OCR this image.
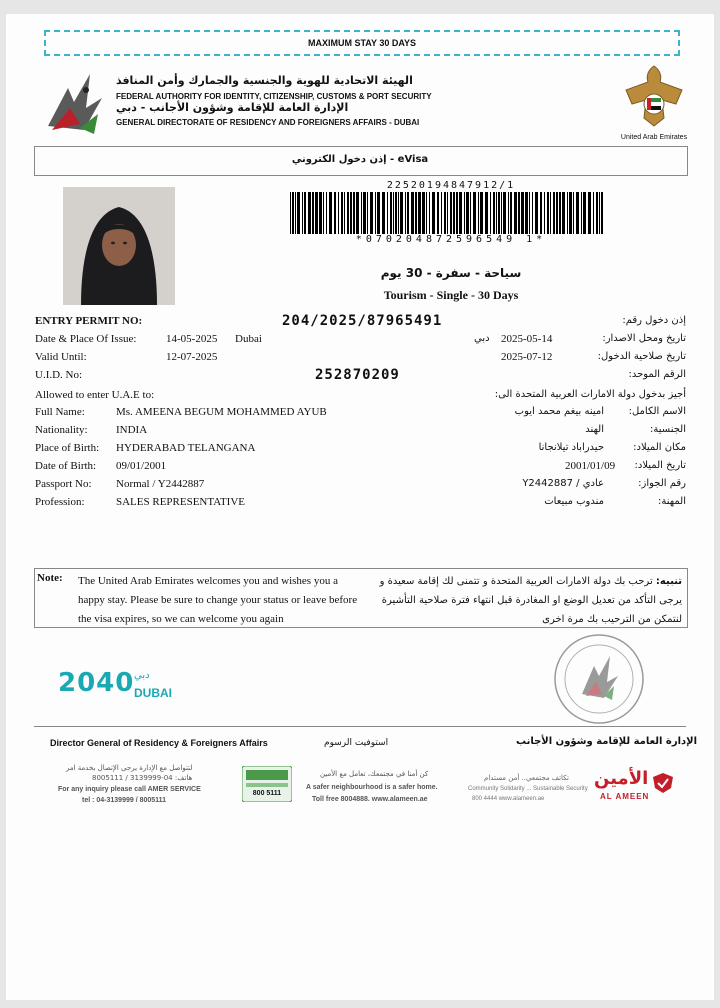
MAXIMUM STAY 30 DAYS
الهيئة الاتحادية للهوية والجنسية والجمارك وأمن المنافذ
FEDERAL AUTHORITY FOR IDENTITY, CITIZENSHIP, CUSTOMS & PORT SECURITY
الإدارة العامة للإقامة وشؤون الأجانب - دبي
GENERAL DIRECTORATE OF RESIDENCY AND FOREIGNERS AFFAIRS - DUBAI
United Arab Emirates
إذن دخول الكتروني - eVisa
22520194847912/1
*070204872596549 1*
سياحة - سفرة - 30 يوم
Tourism - Single - 30 Days
ENTRY PERMIT NO:	204/2025/87965491	إذن دخول رقم:
Date & Place Of Issue:	14-05-2025 Dubai	دبي 2025-05-14	تاريخ ومحل الاصدار:
Valid Until:	12-07-2025	2025-07-12	تاريخ صلاحية الدخول:
U.I.D. No:	252870209	الرقم الموحد:
Allowed to enter U.A.E to:	أجيز بدخول دولة الامارات العربية المتحدة الى:
Full Name:	Ms. AMEENA BEGUM MOHAMMED AYUB	امينه بيغم محمد ايوب الاسم الكامل:
Nationality:	INDIA	الهند	الجنسية:
Place of Birth: HYDERABAD TELANGANA	حيدراباد تيلانجانا	مكان الميلاد:
Date of Birth: 09/01/2001	2001/01/09 تاريخ الميلاد:
Passport No: Normal / Y2442887	عادي / Y2442887	رقم الجواز:
Profession:	SALES REPRESENTATIVE	مندوب مبيعات	المهنة:
Note: The United Arab Emirates welcomes you and wishes you a happy stay. Please be sure to change your status or leave before the visa expires, so we can welcome you again
تنبيه: ترحب بك دولة الامارات العربية المتحدة و تتمنى لك إقامة سعيدة و يرجى التأكد من تعديل الوضع او المغادرة قبل انتهاء فترة صلاحية التأشيرة لنتمكن من الترحيب بك مرة اخرى
2040 دبي
DUBAI
Director General of Residency & Foreigners Affairs	استوفيت الرسوم	الإدارة العامة للإقامة وشؤون الأجانب
لتتواصل مع الإدارة يرجى الإتصال بخدمة امر
هاتف: 04-3139999 / 8005111
For any inquiry please call AMER SERVICE
tel : 04-3139999 / 8005111
800 5111
كن أمنا في مجتمعك، تعامل مع الأمين
A safer neighbourhood is a safer home.
Toll free 8004888. www.alameen.ae
تكاتف مجتمعي.. أمن مستدام
Community Solidarity ... Sustainable Security
800 4444 www.alameen.ae
الأمين
AL AMEEN
